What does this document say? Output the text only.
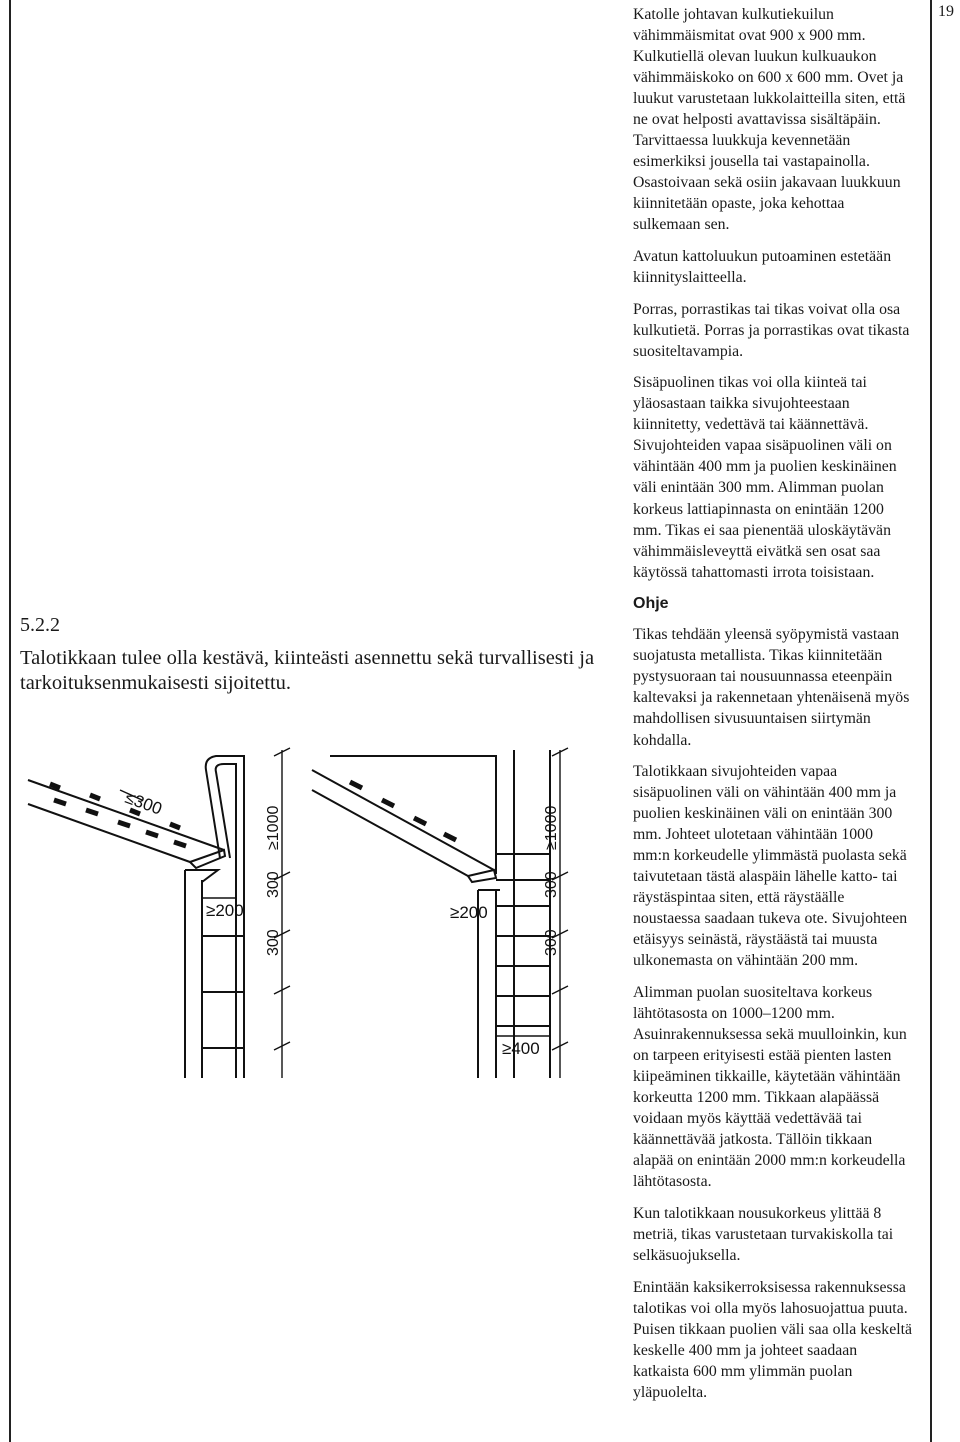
19
5.2.2
Talotikkaan tulee olla kestävä, kiinteästi asennettu sekä turvallisesti ja tarkoituksenmukaisesti sijoitettu.

Katolle johtavan kulkutiekuilun vähimmäismitat ovat 900 x 900 mm. Kulkutiellä olevan luukun kulkuaukon vähimmäiskoko on 600 x 600 mm. Ovet ja luukut varustetaan lukkolaitteilla siten, että ne ovat helposti avattavissa sisältäpäin. Tarvittaessa luukkuja kevennetään esimerkiksi jousella tai vastapainolla. Osastoivaan sekä osiin jakavaan luukkuun kiinnitetään opaste, joka kehottaa sulkemaan sen.

Avatun kattoluukun putoaminen estetään kiinnityslaitteella.

Porras, porrastikas tai tikas voivat olla osa kulkutietä. Porras ja porrastikas ovat tikasta suositeltavampia.

Sisäpuolinen tikas voi olla kiinteä tai yläosastaan taikka sivujohteestaan kiinnitetty, vedettävä tai käännettävä. Sivujohteiden vapaa sisäpuolinen väli on vähintään 400 mm ja puolien keskinäinen väli enintään 300 mm. Alimman puolan korkeus lattiapinnasta on enintään 1200 mm. Tikas ei saa pienentää uloskäytävän vähimmäisleveyttä eivätkä sen osat saa käytössä tahattomasti irrota toisistaan.

Ohje

Tikas tehdään yleensä syöpymistä vastaan suojatusta metallista. Tikas kiinnitetään pystysuoraan tai nousuunnassa eteenpäin kaltevaksi ja rakennetaan yhtenäisenä myös mahdollisen sivusuuntaisen siirtymän kohdalla.

Talotikkaan sivujohteiden vapaa sisäpuolinen väli on vähintään 400 mm ja puolien keskinäinen väli on enintään 300 mm. Johteet ulotetaan vähintään 1000 mm:n korkeudelle ylimmästä puolasta sekä taivutetaan tästä alaspäin lähelle katto- tai räystäspintaa siten, että räystäälle noustaessa saadaan tukeva ote. Sivujohteen etäisyys seinästä, räystäästä tai muusta ulkonemasta on vähintään 200 mm.

Alimman puolan suositeltava korkeus lähtötasosta on 1000–1200 mm. Asuinrakennuksessa sekä muulloinkin, kun on tarpeen erityisesti estää pienten lasten kiipeäminen tikkaille, käytetään vähintään korkeutta 1200 mm. Tikkaan alapäässä voidaan myös käyttää vedettävää tai käännettävää jatkosta. Tällöin tikkaan alapää on enintään 2000 mm:n korkeudella lähtötasosta.

Kun talotikkaan nousukorkeus ylittää 8 metriä, tikas varustetaan turvakiskolla tai selkäsuojuksella.

Enintään kaksikerroksisessa rakennuksessa talotikas voi olla myös lahosuojattua puuta. Puisen tikkaan puolien väli saa olla keskeltä keskelle 400 mm ja johteet saadaan katkaista 600 mm ylimmän puolan yläpuolelta.

≤300
≥200
300
300
≥1000
≥200
≥400
300
300
≥1000
